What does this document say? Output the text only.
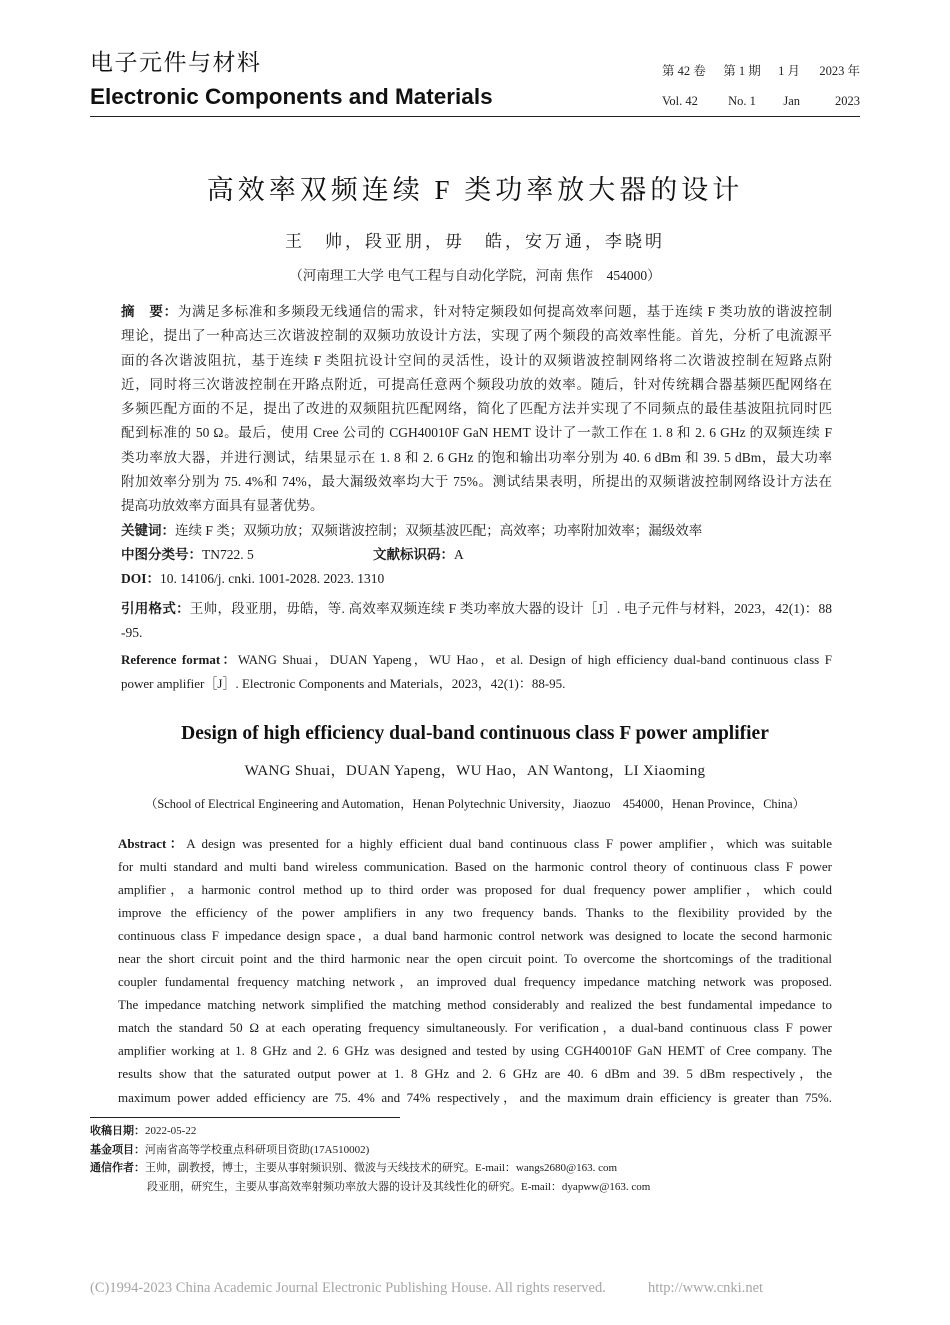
电子元件与材料
Electronic Components and Materials
第 42 卷	第 1 期	1 月	2023 年
Vol. 42	No. 1	Jan	2023
高效率双频连续 F 类功率放大器的设计
王　帅，段亚朋，毋　皓，安万通，李晓明
（河南理工大学 电气工程与自动化学院，河南 焦作　454000）
摘　要：为满足多标准和多频段无线通信的需求，针对特定频段如何提高效率问题，基于连续 F 类功放的谐波控制
理论，提出了一种高达三次谐波控制的双频功放设计方法，实现了两个频段的高效率性能。首先，分析了电流源平
面的各次谐波阻抗，基于连续 F 类阻抗设计空间的灵活性，设计的双频谐波控制网络将二次谐波控制在短路点附
近，同时将三次谐波控制在开路点附近，可提高任意两个频段功放的效率。随后，针对传统耦合器基频匹配网络在
多频匹配方面的不足，提出了改进的双频阻抗匹配网络，简化了匹配方法并实现了不同频点的最佳基波阻抗同时匹
配到标准的 50 Ω。最后，使用 Cree 公司的 CGH40010F GaN HEMT 设计了一款工作在 1. 8 和 2. 6 GHz 的双频连续 F
类功率放大器，并进行测试，结果显示在 1. 8 和 2. 6 GHz 的饱和输出功率分别为 40. 6 dBm 和 39. 5 dBm，最大功率
附加效率分别为 75. 4%和 74%，最大漏级效率均大于 75%。测试结果表明，所提出的双频谐波控制网络设计方法在
提高功放效率方面具有显著优势。
关键词：连续 F 类；双频功放；双频谐波控制；双频基波匹配；高效率；功率附加效率；漏级效率
中图分类号：TN722. 5	文献标识码：A
DOI：10. 14106/j. cnki. 1001-2028. 2023. 1310
引用格式：王帅，段亚朋，毋皓，等. 高效率双频连续 F 类功率放大器的设计［J］. 电子元件与材料，2023，42(1)：88
-95.
Reference format：WANG Shuai，DUAN Yapeng，WU Hao，et al. Design of high efficiency dual-band continuous class F
power amplifier［J］. Electronic Components and Materials，2023，42(1)：88-95.
Design of high efficiency dual-band continuous class F power amplifier
WANG Shuai，DUAN Yapeng，WU Hao，AN Wantong，LI Xiaoming
（School of Electrical Engineering and Automation，Henan Polytechnic University，Jiaozuo　454000，Henan Province，China）
Abstract：A design was presented for a highly efficient dual band continuous class F power amplifier，which was suitable
for multi standard and multi band wireless communication. Based on the harmonic control theory of continuous class F power
amplifier，a harmonic control method up to third order was proposed for dual frequency power amplifier，which could
improve the efficiency of the power amplifiers in any two frequency bands. Thanks to the flexibility provided by the
continuous class F impedance design space，a dual band harmonic control network was designed to locate the second harmonic
near the short circuit point and the third harmonic near the open circuit point. To overcome the shortcomings of the traditional
coupler fundamental frequency matching network，an improved dual frequency impedance matching network was proposed.
The impedance matching network simplified the matching method considerably and realized the best fundamental impedance to
match the standard 50 Ω at each operating frequency simultaneously. For verification，a dual-band continuous class F power
amplifier working at 1. 8 GHz and 2. 6 GHz was designed and tested by using CGH40010F GaN HEMT of Cree company. The
results show that the saturated output power at 1. 8 GHz and 2. 6 GHz are 40. 6 dBm and 39. 5 dBm respectively，the
maximum power added efficiency are 75. 4% and 74% respectively，and the maximum drain efficiency is greater than 75%.
收稿日期：2022-05-22
基金项目：河南省高等学校重点科研项目资助(17A510002)
通信作者：王帅，副教授，博士，主要从事射频识别、微波与天线技术的研究。E-mail：wangs2680@163. com
段亚朋，研究生，主要从事高效率射频功率放大器的设计及其线性化的研究。E-mail：dyapww@163. com
(C)1994-2023 China Academic Journal Electronic Publishing House. All rights reserved.	http://www.cnki.net
